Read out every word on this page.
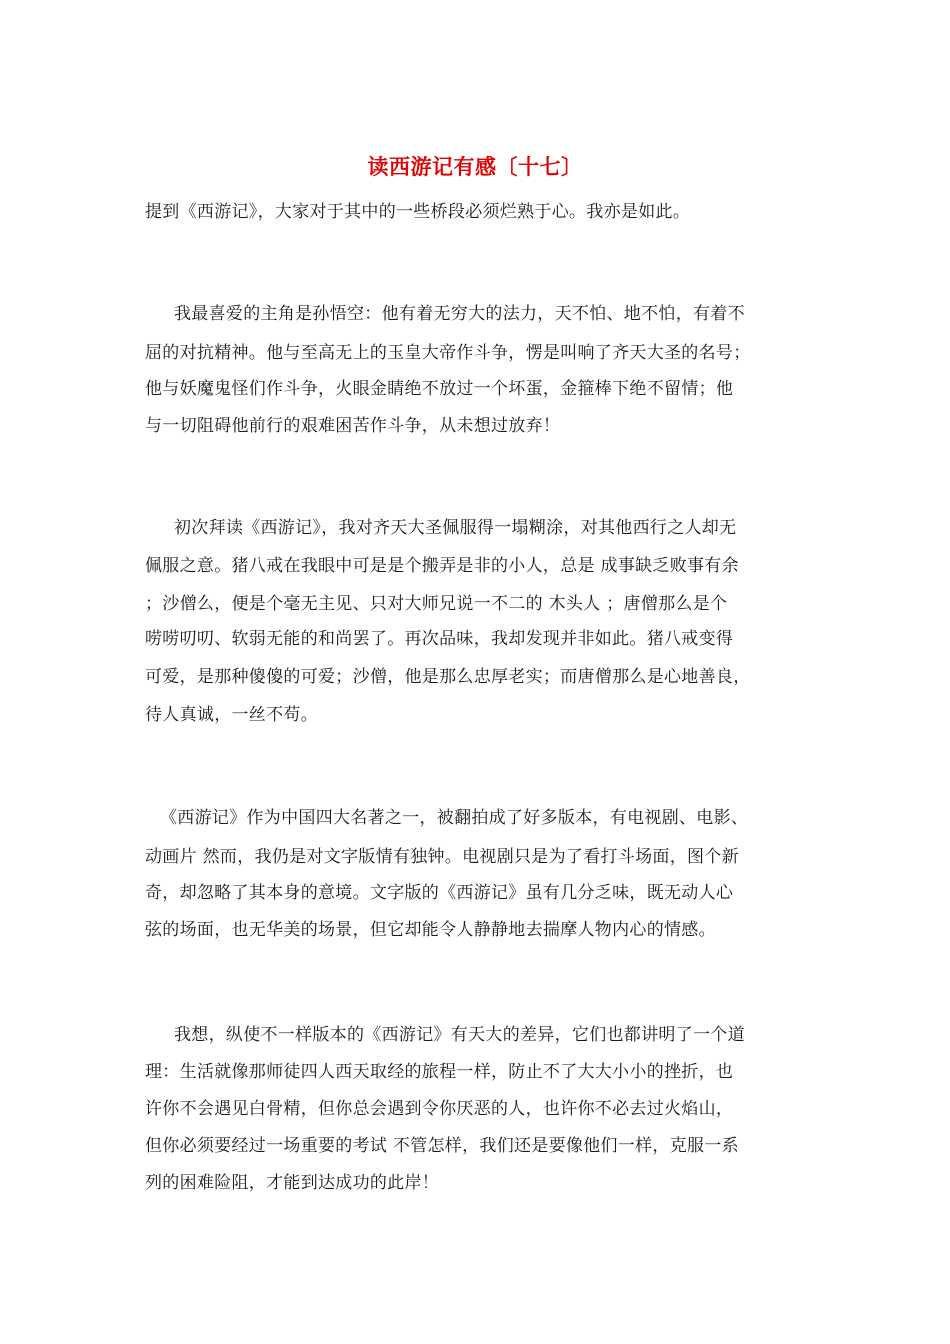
读西游记有感〔十七〕
提到《西游记》，大家对于其中的一些桥段必须烂熟于心。我亦是如此。
我最喜爱的主角是孙悟空：他有着无穷大的法力，天不怕、地不怕，有着不
屈的对抗精神。他与至高无上的玉皇大帝作斗争，愣是叫响了齐天大圣的名号；
他与妖魔鬼怪们作斗争，火眼金睛绝不放过一个坏蛋，金箍棒下绝不留情；他
与一切阻碍他前行的艰难困苦作斗争，从未想过放弃！
初次拜读《西游记》，我对齐天大圣佩服得一塌糊涂，对其他西行之人却无
佩服之意。猪八戒在我眼中可是是个搬弄是非的小人，总是 成事缺乏败事有余
；沙僧么，便是个毫无主见、只对大师兄说一不二的 木头人 ；唐僧那么是个
唠唠叨叨、软弱无能的和尚罢了。再次品味，我却发现并非如此。猪八戒变得
可爱，是那种傻傻的可爱；沙僧，他是那么忠厚老实；而唐僧那么是心地善良，
待人真诚，一丝不苟。
《西游记》作为中国四大名著之一，被翻拍成了好多版本，有电视剧、电影、
动画片 然而，我仍是对文字版情有独钟。电视剧只是为了看打斗场面，图个新
奇，却忽略了其本身的意境。文字版的《西游记》虽有几分乏味，既无动人心
弦的场面，也无华美的场景，但它却能令人静静地去揣摩人物内心的情感。
我想，纵使不一样版本的《西游记》有天大的差异，它们也都讲明了一个道
理：生活就像那师徒四人西天取经的旅程一样，防止不了大大小小的挫折，也
许你不会遇见白骨精，但你总会遇到令你厌恶的人，也许你不必去过火焰山，
但你必须要经过一场重要的考试 不管怎样，我们还是要像他们一样，克服一系
列的困难险阻，才能到达成功的此岸！
